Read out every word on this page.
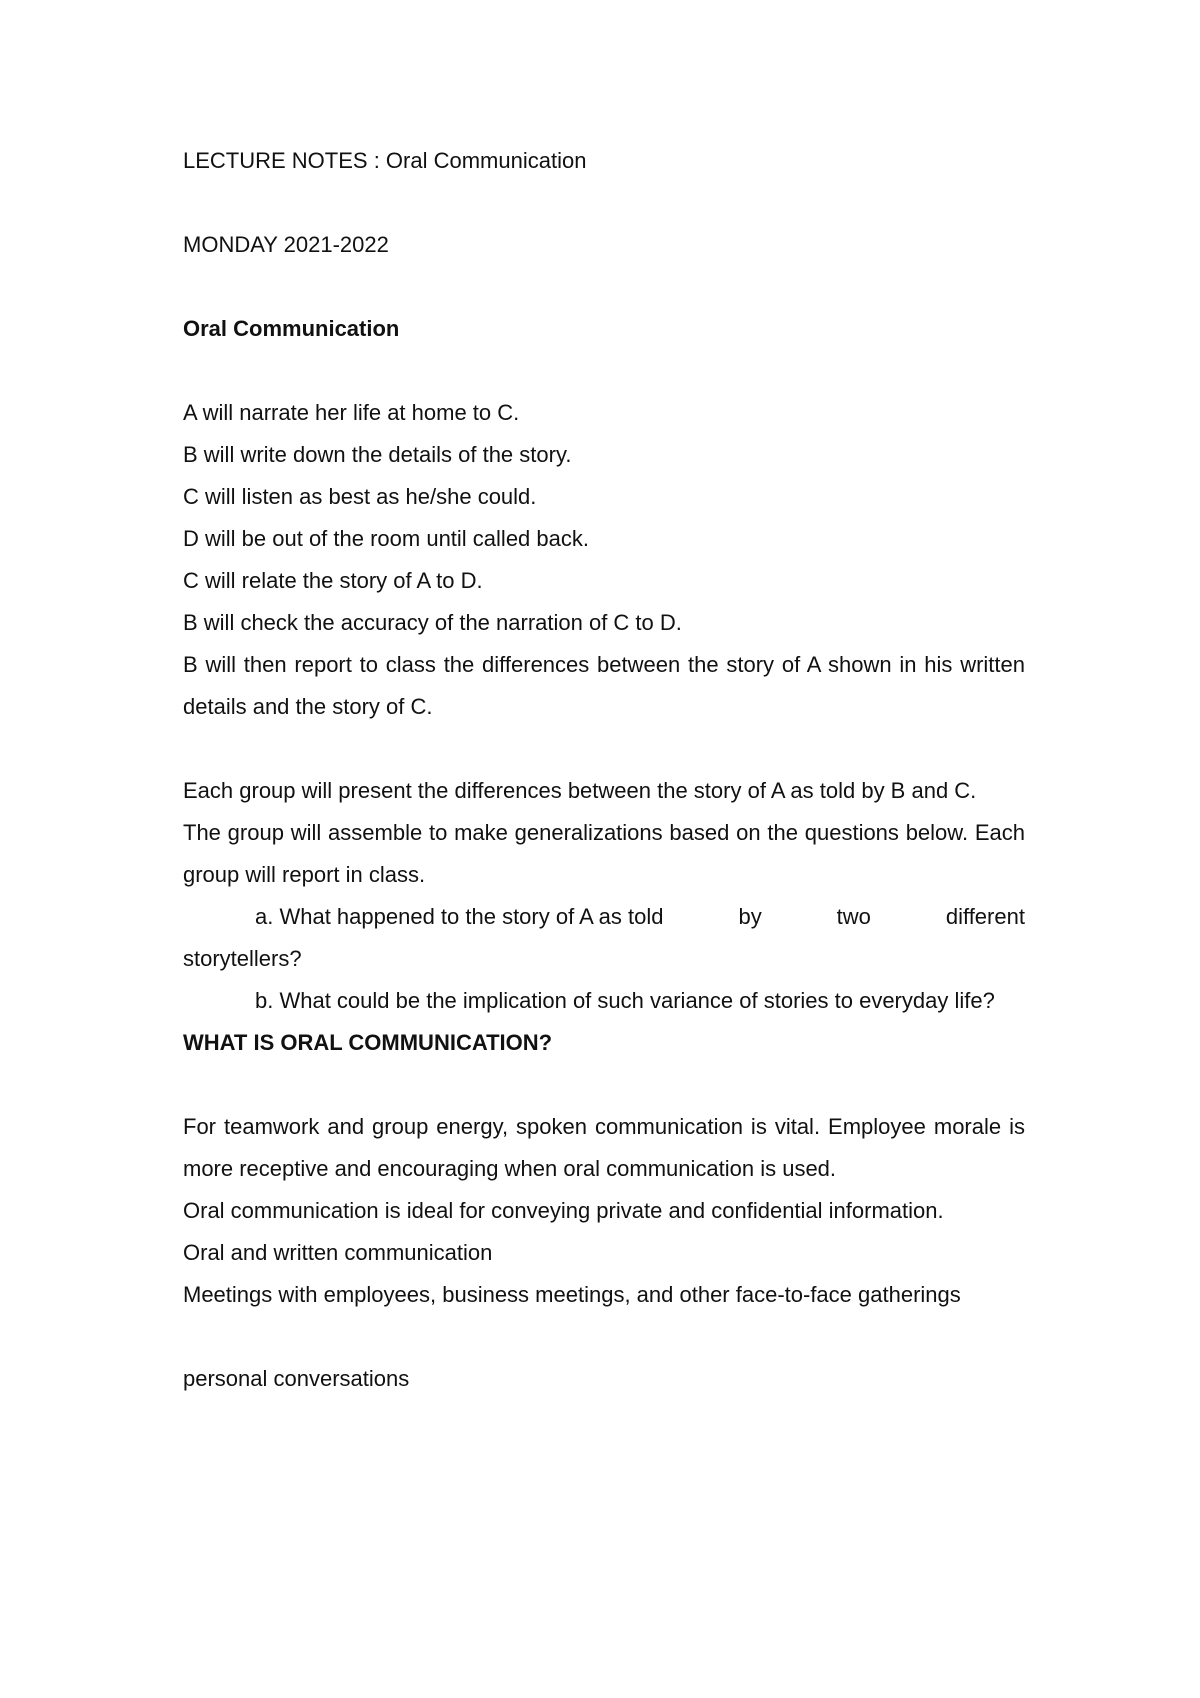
LECTURE NOTES : Oral Communication
MONDAY 2021-2022
Oral Communication
A will narrate her life at home to C.
B will write down the details of the story.
C will listen as best as he/she could.
D will be out of the room until called back.
C will relate the story of A to D.
B will check the accuracy of the narration of C to D.
B will then report to class the differences between the story of A shown in his written details and the story of C.
Each group will present the differences between the story of A as told by B and C.
The group will assemble to make generalizations based on the questions below. Each group will report in class.
a. What happened to the story of A as told	by	two	different
storytellers?
b. What could be the implication of such variance of stories to everyday life?
WHAT IS ORAL COMMUNICATION?
For teamwork and group energy, spoken communication is vital. Employee morale is more receptive and encouraging when oral communication is used.
Oral communication is ideal for conveying private and confidential information.
Oral and written communication
Meetings with employees, business meetings, and other face-to-face gatherings
personal conversations
